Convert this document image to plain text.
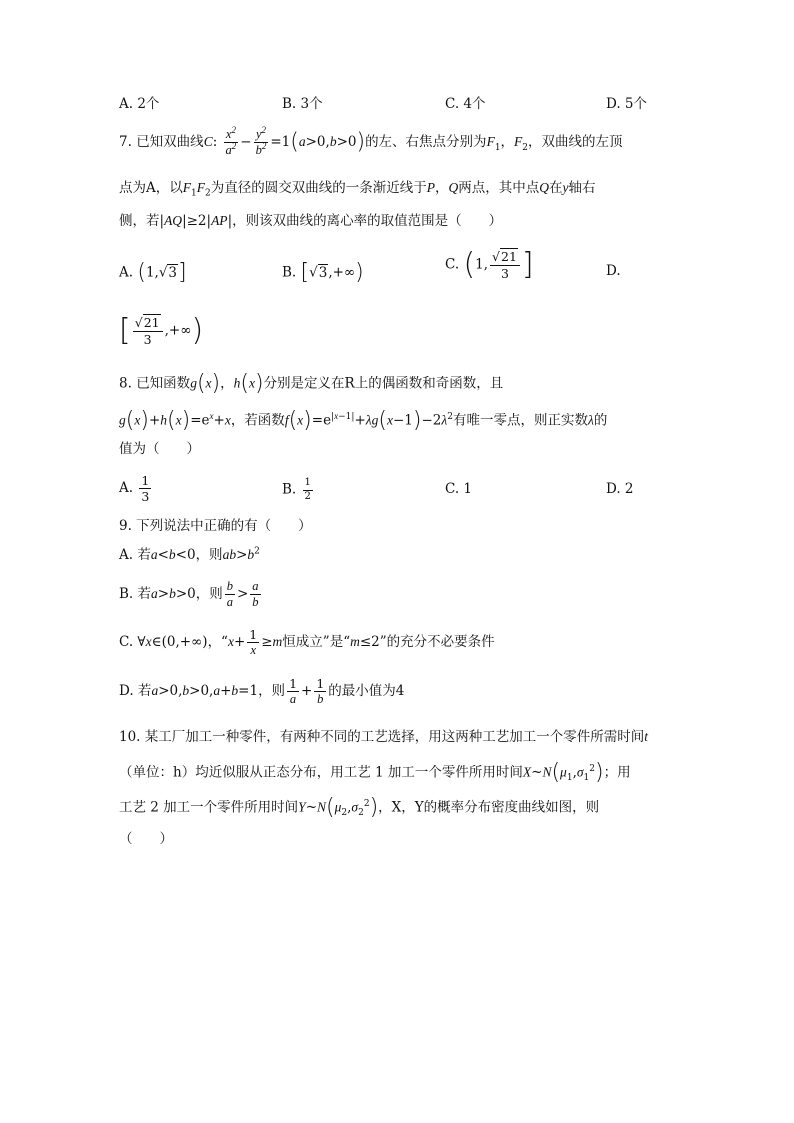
A. 2个	B. 3个	C. 4个	D. 5个
7. 已知双曲线C: $\frac{x^2}{a^2} - \frac{y^2}{b^2} =1(a>0,b>0)$的左、右焦点分别为$F_1$，$F_2$，双曲线的左顶
点为A，以$F_1F_2$为直径的圆交双曲线的一条渐近线于P，Q两点，其中点Q在y轴右
侧，若|AQ|≥2|AP|，则该双曲线的离心率的取值范围是（　　）
A. (1,√3]	B. [√3,+∞)	C. (1, $\frac{√21}{3}$ ]	D.
[ $\frac{√21}{3}$ ,+∞)
8. 已知函数g(x)，h(x)分别是定义在R上的偶函数和奇函数，且
$g(x)+h(x)=e^x+x$，若函数$f(x)=e^{|x-1|}+\lambda g(x-1)-2\lambda^2$有唯一零点，则正实数λ的
值为（　　）
A. $\frac{1}{3}$	B. $\frac{1}{2}$	C. 1	D. 2
9. 下列说法中正确的有（　　）
A. 若a<b<0，则$ab>b^2$
B. 若a>b>0，则 $\frac{b}{a} > \frac{a}{b}$
C. ∀x∈(0,+∞)，“$x+ \frac{1}{x} \ge m$恒成立”是“m≤2”的充分不必要条件
D. 若a>0,b>0,a+b=1，则 $\frac{1}{a} + \frac{1}{b}$ 的最小值为4
10. 某工厂加工一种零件，有两种不同的工艺选择，用这两种工艺加工一个零件所需时间t
（单位：h）均近似服从正态分布，用工艺 1 加工一个零件所用时间$X\sim N(\mu_1,\sigma_1^2)$；用
工艺 2 加工一个零件所用时间$Y\sim N(\mu_2,\sigma_2^2)$，X，Y的概率分布密度曲线如图，则
（　　）
